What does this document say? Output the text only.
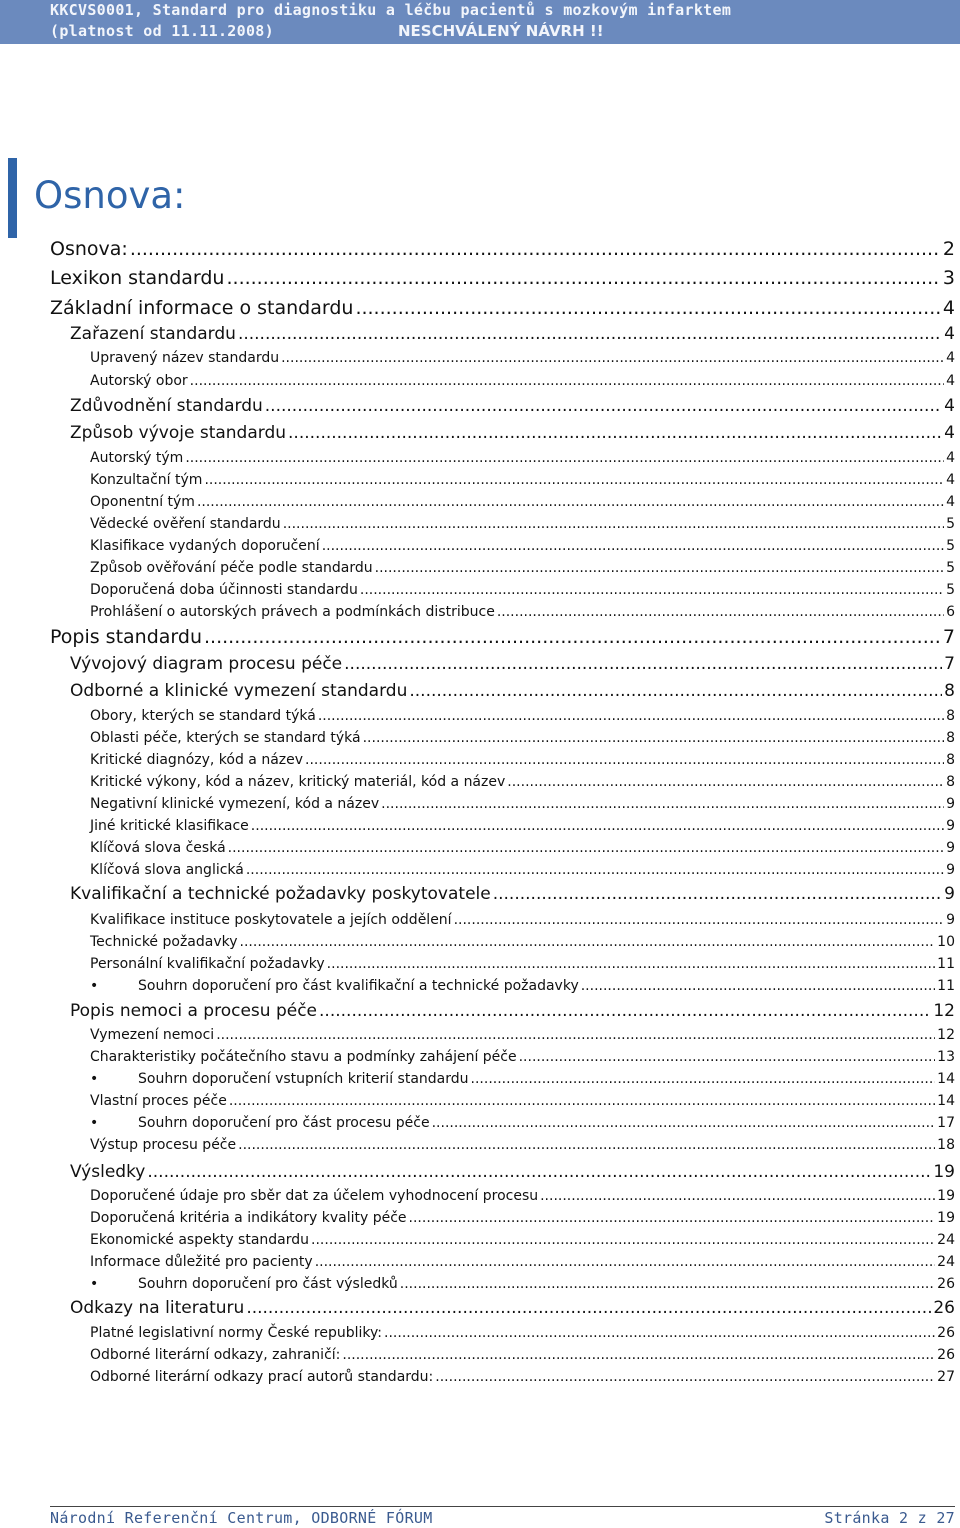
KKCVS0001, Standard pro diagnostiku a léčbu pacientů s mozkovým infarktem
(platnost od 11.11.2008)	NESCHVÁLENÝ NÁVRH !!
Osnova:
Osnova: .....	2
Lexikon standardu .....	3
Základní informace o standardu .....	4
Zařazení standardu .....	4
Upravený název standardu .....	4
Autorský obor .....	4
Zdůvodnění standardu .....	4
Způsob vývoje standardu .....	4
Autorský tým .....	4
Konzultační tým .....	4
Oponentní tým .....	4
Vědecké ověření standardu .....	5
Klasifikace vydaných doporučení .....	5
Způsob ověřování péče podle standardu .....	5
Doporučená doba účinnosti standardu .....	5
Prohlášení o autorských právech a podmínkách distribuce .....	6
Popis standardu .....	7
Vývojový diagram procesu péče .....	7
Odborné a klinické vymezení standardu .....	8
Obory, kterých se standard týká .....	8
Oblasti péče, kterých se standard týká .....	8
Kritické diagnózy, kód a název .....	8
Kritické výkony, kód a název, kritický materiál, kód a název .....	8
Negativní klinické vymezení, kód a název .....	9
Jiné kritické klasifikace .....	9
Klíčová slova česká .....	9
Klíčová slova anglická .....	9
Kvalifikační a technické požadavky poskytovatele .....	9
Kvalifikace instituce poskytovatele a jejích oddělení .....	9
Technické požadavky .....	10
Personální kvalifikační požadavky .....	11
•	Souhrn doporučení pro část kvalifikační a technické požadavky .....	11
Popis nemoci a procesu péče .....	12
Vymezení nemoci .....	12
Charakteristiky počátečního stavu a podmínky zahájení péče .....	13
•	Souhrn doporučení vstupních kriterií standardu .....	14
Vlastní proces péče .....	14
•	Souhrn doporučení pro část procesu péče .....	17
Výstup procesu péče .....	18
Výsledky .....	19
Doporučené údaje pro sběr dat za účelem vyhodnocení procesu .....	19
Doporučená kritéria a indikátory kvality péče .....	19
Ekonomické aspekty standardu .....	24
Informace důležité pro pacienty .....	24
•	Souhrn doporučení pro část výsledků .....	26
Odkazy na literaturu .....	26
Platné legislativní normy České republiky: .....	26
Odborné literární odkazy, zahraničí: .....	26
Odborné literární odkazy prací autorů standardu: .....	27
Národní Referenční Centrum, ODBORNÉ FÓRUM	Stránka 2 z 27
